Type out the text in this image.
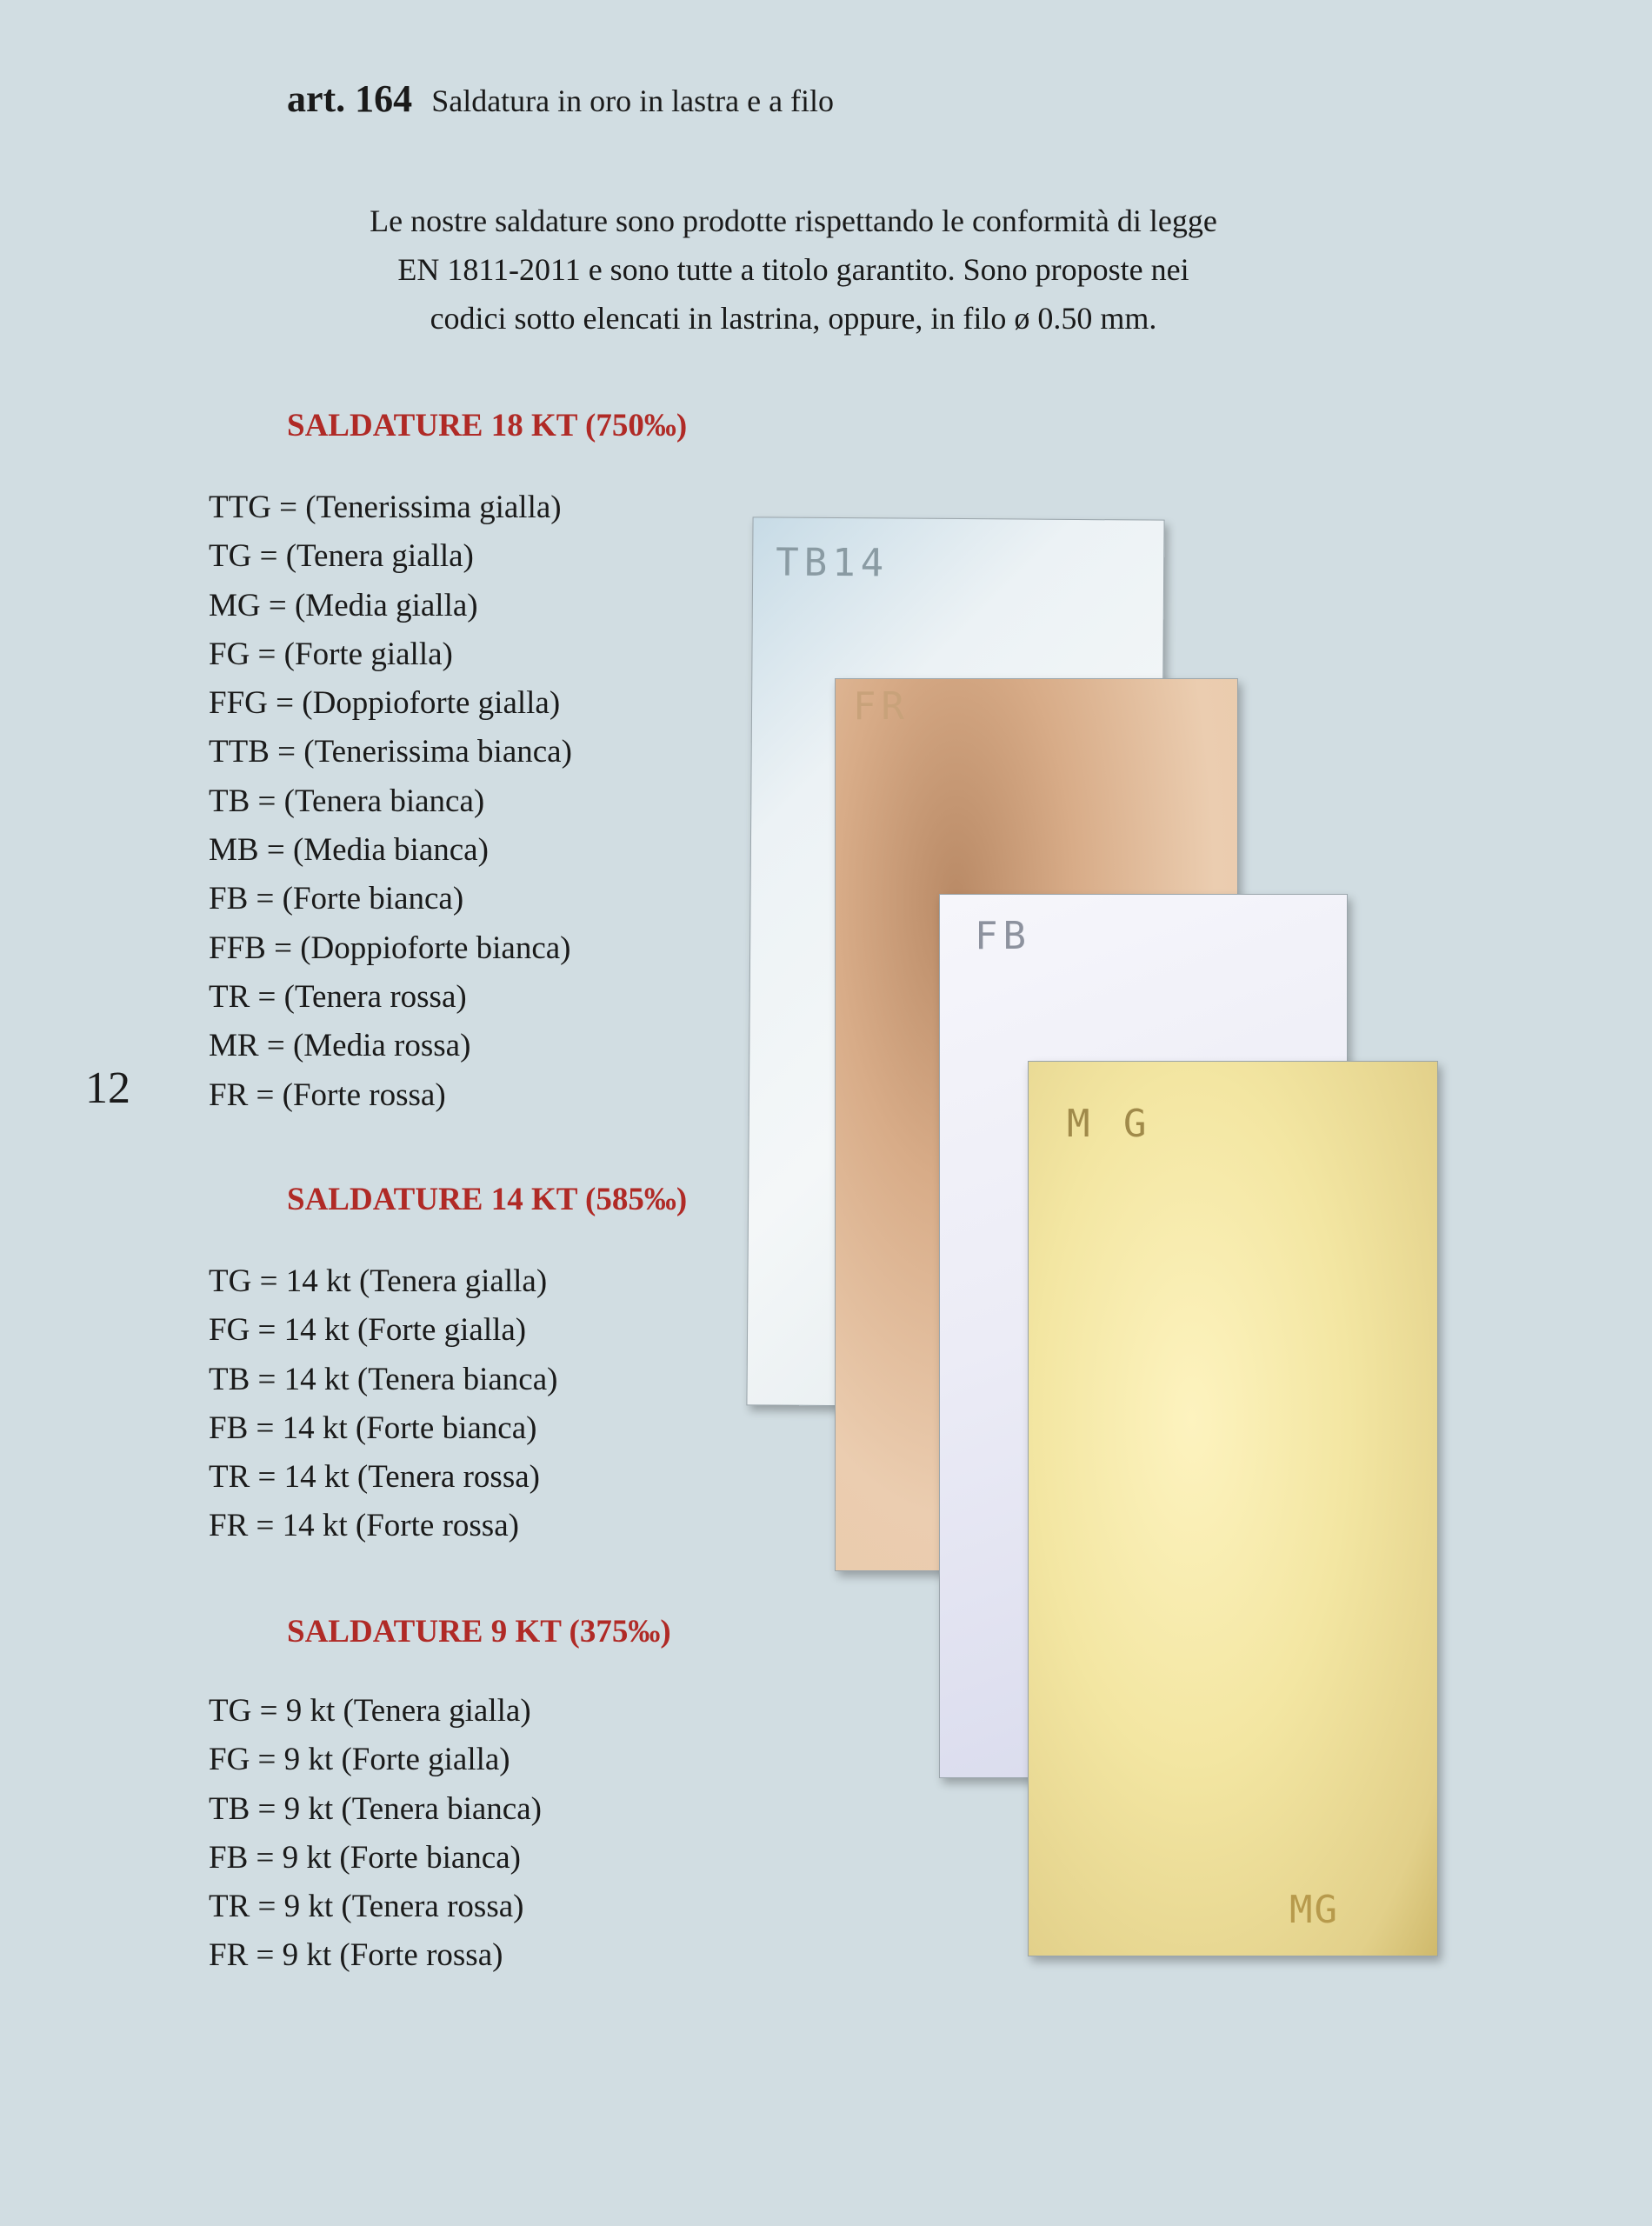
art. 164 Saldatura in oro in lastra e a filo
Le nostre saldature sono prodotte rispettando le conformità di legge
EN 1811-2011 e sono tutte a titolo garantito. Sono proposte nei
codici sotto elencati in lastrina, oppure, in filo ø 0.50 mm.
SALDATURE 18 KT (750‰)
TTG = (Tenerissima gialla)
TG = (Tenera gialla)
MG = (Media gialla)
FG = (Forte gialla)
FFG = (Doppioforte gialla)
TTB = (Tenerissima bianca)
TB = (Tenera bianca)
MB = (Media bianca)
FB = (Forte bianca)
FFB = (Doppioforte bianca)
TR = (Tenera rossa)
MR = (Media rossa)
FR = (Forte rossa)
12
SALDATURE 14 KT (585‰)
TG = 14 kt (Tenera gialla)
FG = 14 kt (Forte gialla)
TB = 14 kt (Tenera bianca)
FB = 14 kt (Forte bianca)
TR = 14 kt (Tenera rossa)
FR = 14 kt (Forte rossa)
SALDATURE 9 KT (375‰)
TG = 9 kt (Tenera gialla)
FG = 9 kt (Forte gialla)
TB = 9 kt (Tenera bianca)
FB = 9 kt (Forte bianca)
TR = 9 kt (Tenera rossa)
FR = 9 kt (Forte rossa)
TB14
FR
FB
M G
MG
